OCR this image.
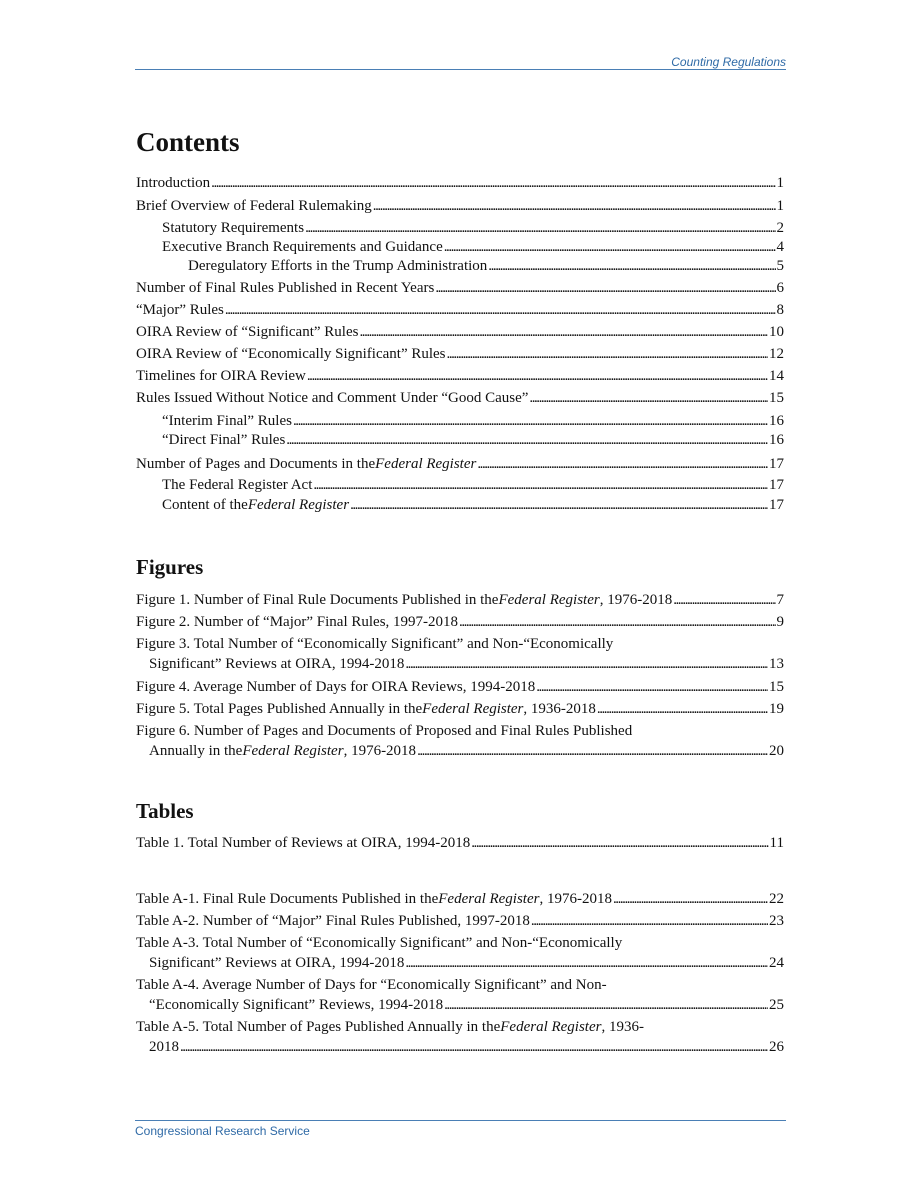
Counting Regulations
Contents
Introduction . . .	1
Brief Overview of Federal Rulemaking . . .	1
Statutory Requirements . . .	2
Executive Branch Requirements and Guidance . . .	4
Deregulatory Efforts in the Trump Administration . . .	5
Number of Final Rules Published in Recent Years . . .	6
“Major” Rules . . .	8
OIRA Review of “Significant” Rules . . .	10
OIRA Review of “Economically Significant” Rules . . .	12
Timelines for OIRA Review . . .	14
Rules Issued Without Notice and Comment Under “Good Cause” . . .	15
“Interim Final” Rules . . .	16
“Direct Final” Rules . . .	16
Number of Pages and Documents in the Federal Register . . .	17
The Federal Register Act . . .	17
Content of the Federal Register . . .	17
Figures
Figure 1. Number of Final Rule Documents Published in the Federal Register , 1976-2018 . . .	7
Figure 2. Number of “Major” Final Rules, 1997-2018 . . .	9
Figure 3. Total Number of “Economically Significant” and Non-“Economically
Significant” Reviews at OIRA, 1994-2018 . . .	13
Figure 4. Average Number of Days for OIRA Reviews, 1994-2018 . . .	15
Figure 5. Total Pages Published Annually in the Federal Register , 1936-2018 . . .	19
Figure 6. Number of Pages and Documents of Proposed and Final Rules Published
Annually in the Federal Register , 1976-2018 . . .	20
Tables
Table 1. Total Number of Reviews at OIRA, 1994-2018 . . .	11
Table A-1. Final Rule Documents Published in the Federal Register , 1976-2018 . . .	22
Table A-2. Number of “Major” Final Rules Published, 1997-2018 . . .	23
Table A-3. Total Number of “Economically Significant” and Non-“Economically
Significant” Reviews at OIRA, 1994-2018 . . .	24
Table A-4. Average Number of Days for “Economically Significant” and Non-
“Economically Significant” Reviews, 1994-2018 . . .	25
Table A-5. Total Number of Pages Published Annually in the Federal Register , 1936-
2018 . . .	26
Congressional Research Service
